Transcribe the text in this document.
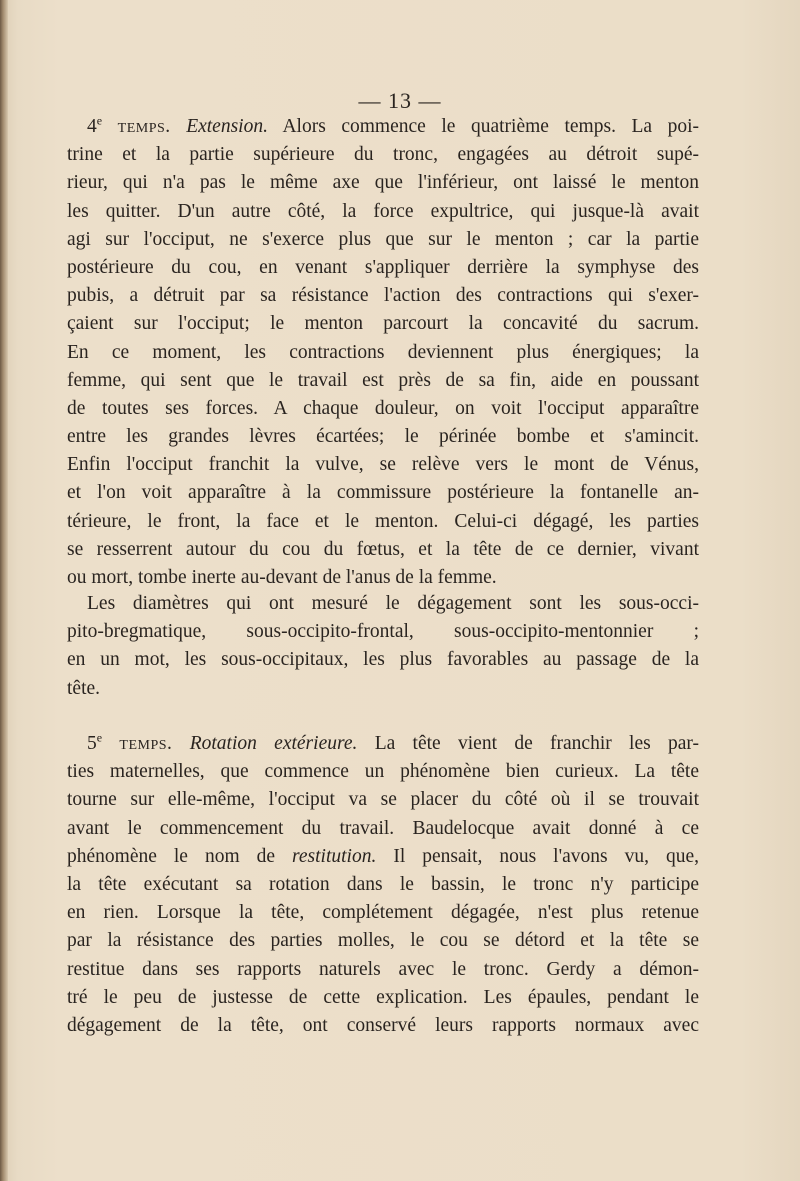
— 13 —
4e temps. Extension. Alors commence le quatrième temps. La poi-
trine et la partie supérieure du tronc, engagées au détroit supé-
rieur, qui n'a pas le même axe que l'inférieur, ont laissé le menton
les quitter. D'un autre côté, la force expultrice, qui jusque-là avait
agi sur l'occiput, ne s'exerce plus que sur le menton ; car la partie
postérieure du cou, en venant s'appliquer derrière la symphyse des
pubis, a détruit par sa résistance l'action des contractions qui s'exer-
çaient sur l'occiput; le menton parcourt la concavité du sacrum.
En ce moment, les contractions deviennent plus énergiques; la
femme, qui sent que le travail est près de sa fin, aide en poussant
de toutes ses forces. A chaque douleur, on voit l'occiput apparaître
entre les grandes lèvres écartées; le périnée bombe et s'amincit.
Enfin l'occiput franchit la vulve, se relève vers le mont de Vénus,
et l'on voit apparaître à la commissure postérieure la fontanelle an-
térieure, le front, la face et le menton. Celui-ci dégagé, les parties
se resserrent autour du cou du fœtus, et la tête de ce dernier, vivant
ou mort, tombe inerte au-devant de l'anus de la femme.
Les diamètres qui ont mesuré le dégagement sont les sous-occi-
pito-bregmatique, sous-occipito-frontal, sous-occipito-mentonnier ;
en un mot, les sous-occipitaux, les plus favorables au passage de la
tête.
5e temps. Rotation extérieure. La tête vient de franchir les par-
ties maternelles, que commence un phénomène bien curieux. La tête
tourne sur elle-même, l'occiput va se placer du côté où il se trouvait
avant le commencement du travail. Baudelocque avait donné à ce
phénomène le nom de restitution. Il pensait, nous l'avons vu, que,
la tête exécutant sa rotation dans le bassin, le tronc n'y participe
en rien. Lorsque la tête, complétement dégagée, n'est plus retenue
par la résistance des parties molles, le cou se détord et la tête se
restitue dans ses rapports naturels avec le tronc. Gerdy a démon-
tré le peu de justesse de cette explication. Les épaules, pendant le
dégagement de la tête, ont conservé leurs rapports normaux avec
